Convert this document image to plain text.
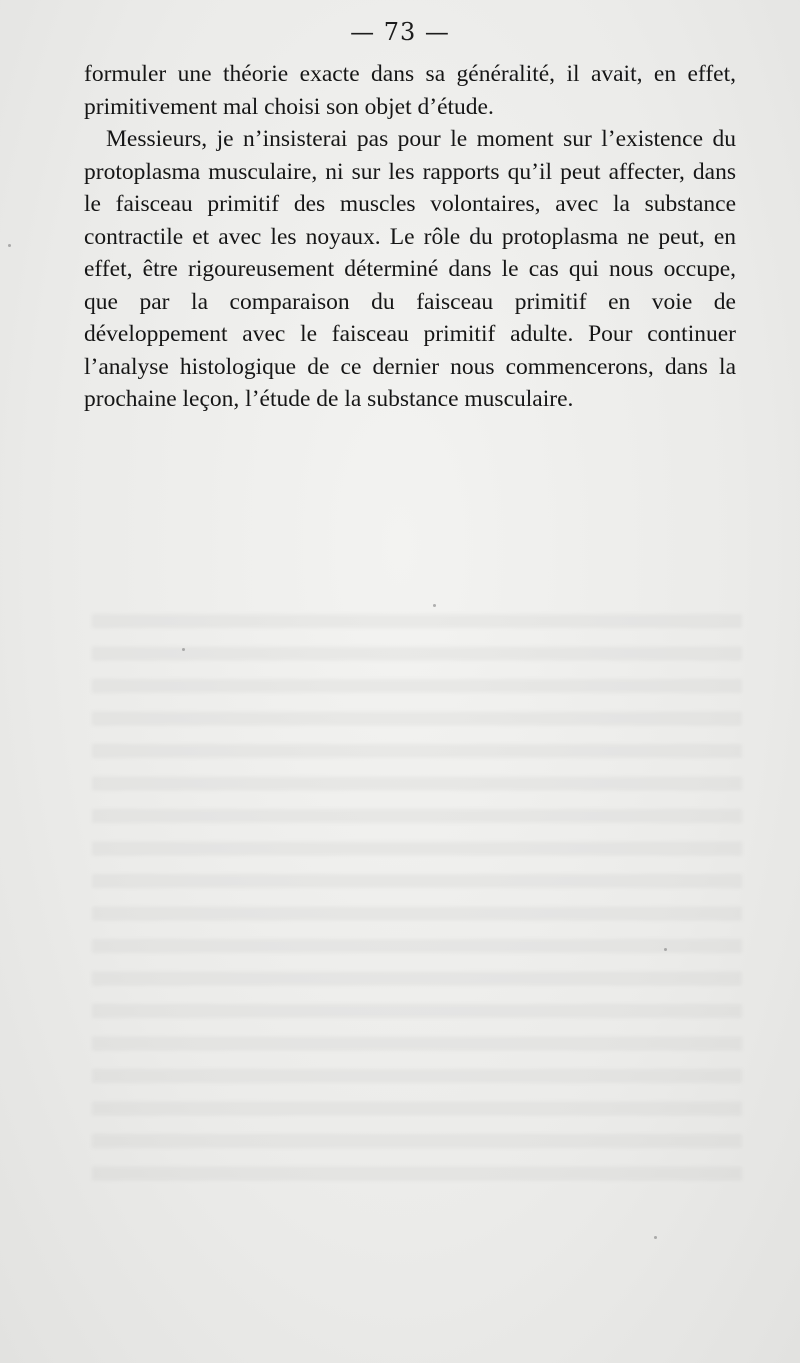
— 73 —

formuler une théorie exacte dans sa généralité, il avait, en effet, primitivement mal choisi son objet d’étude.

Messieurs, je n’insisterai pas pour le moment sur l’existence du protoplasma musculaire, ni sur les rapports qu’il peut affecter, dans le faisceau primitif des muscles volontaires, avec la substance contractile et avec les noyaux. Le rôle du protoplasma ne peut, en effet, être rigoureusement déterminé dans le cas qui nous occupe, que par la comparaison du faisceau primitif en voie de développement avec le faisceau primitif adulte. Pour continuer l’analyse histologique de ce dernier nous commencerons, dans la prochaine leçon, l’étude de la substance musculaire.
